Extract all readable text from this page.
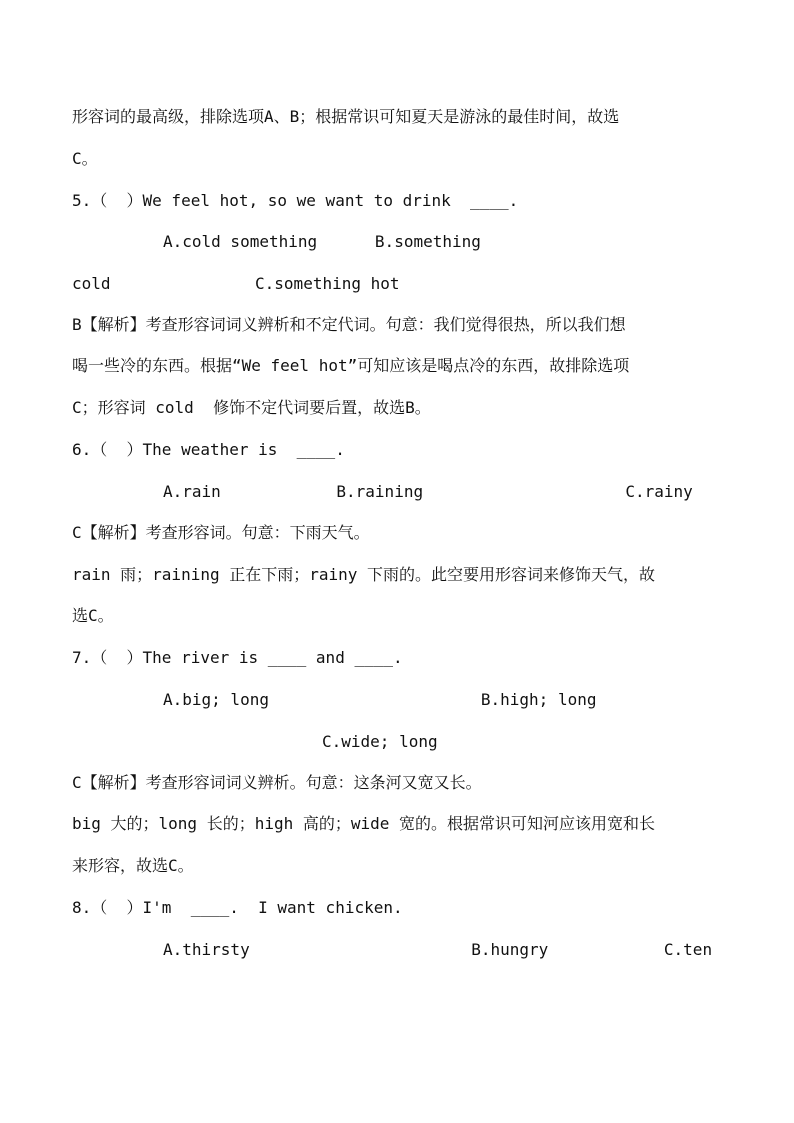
形容词的最高级，排除选项A、B；根据常识可知夏天是游泳的最佳时间，故选
C。
5.（  ）We feel hot, so we want to drink  ____.
A.cold something      B.something
cold               C.something hot
B【解析】考查形容词词义辨析和不定代词。句意：我们觉得很热，所以我们想
喝一些冷的东西。根据“We feel hot”可知应该是喝点冷的东西，故排除选项
C；形容词 cold  修饰不定代词要后置，故选B。
6.（  ）The weather is  ____.
A.rain            B.raining                     C.rainy
C【解析】考查形容词。句意：下雨天气。
rain 雨；raining 正在下雨；rainy 下雨的。此空要用形容词来修饰天气，故
选C。
7.（  ）The river is ____ and ____.
A.big; long                      B.high; long
C.wide; long
C【解析】考查形容词词义辨析。句意：这条河又宽又长。
big 大的；long 长的；high 高的；wide 宽的。根据常识可知河应该用宽和长
来形容，故选C。
8.（  ）I'm  ____.  I want chicken.
A.thirsty                       B.hungry            C.ten
